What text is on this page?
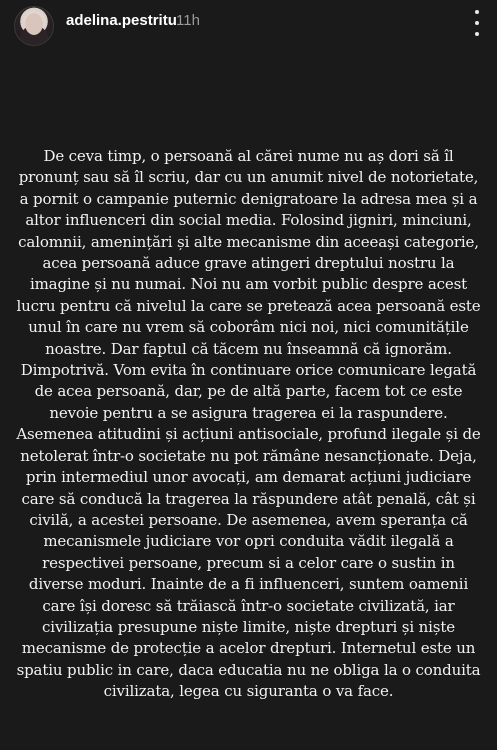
adelina.pestritu 11h

De ceva timp, o persoană al cărei nume nu aș dori să îl pronunț sau să îl scriu, dar cu un anumit nivel de notorietate, a pornit o campanie puternic denigratoare la adresa mea și a altor influenceri din social media. Folosind jigniri, minciuni, calomnii, amenințări și alte mecanisme din aceeași categorie, acea persoană aduce grave atingeri dreptului nostru la imagine și nu numai. Noi nu am vorbit public despre acest lucru pentru că nivelul la care se pretează acea persoană este unul în care nu vrem să coborâm nici noi, nici comunitățile noastre. Dar faptul că tăcem nu înseamnă că ignorăm. Dimpotrivă. Vom evita în continuare orice comunicare legată de acea persoană, dar, pe de altă parte, facem tot ce este nevoie pentru a se asigura tragerea ei la raspundere. Asemenea atitudini și acțiuni antisociale, profund ilegale și de netolerat într-o societate nu pot rămâne nesancționate. Deja, prin intermediul unor avocați, am demarat acțiuni judiciare care să conducă la tragerea la răspundere atât penală, cât și civilă, a acestei persoane. De asemenea, avem speranța că mecanismele judiciare vor opri conduita vădit ilegală a respectivei persoane, precum si a celor care o sustin in diverse moduri. Inainte de a fi influenceri, suntem oamenii care își doresc să trăiască într-o societate civilizată, iar civilizația presupune niște limite, niște drepturi și niște mecanisme de protecție a acelor drepturi. Internetul este un spatiu public in care, daca educatia nu ne obliga la o conduita civilizata, legea cu siguranta o va face.
